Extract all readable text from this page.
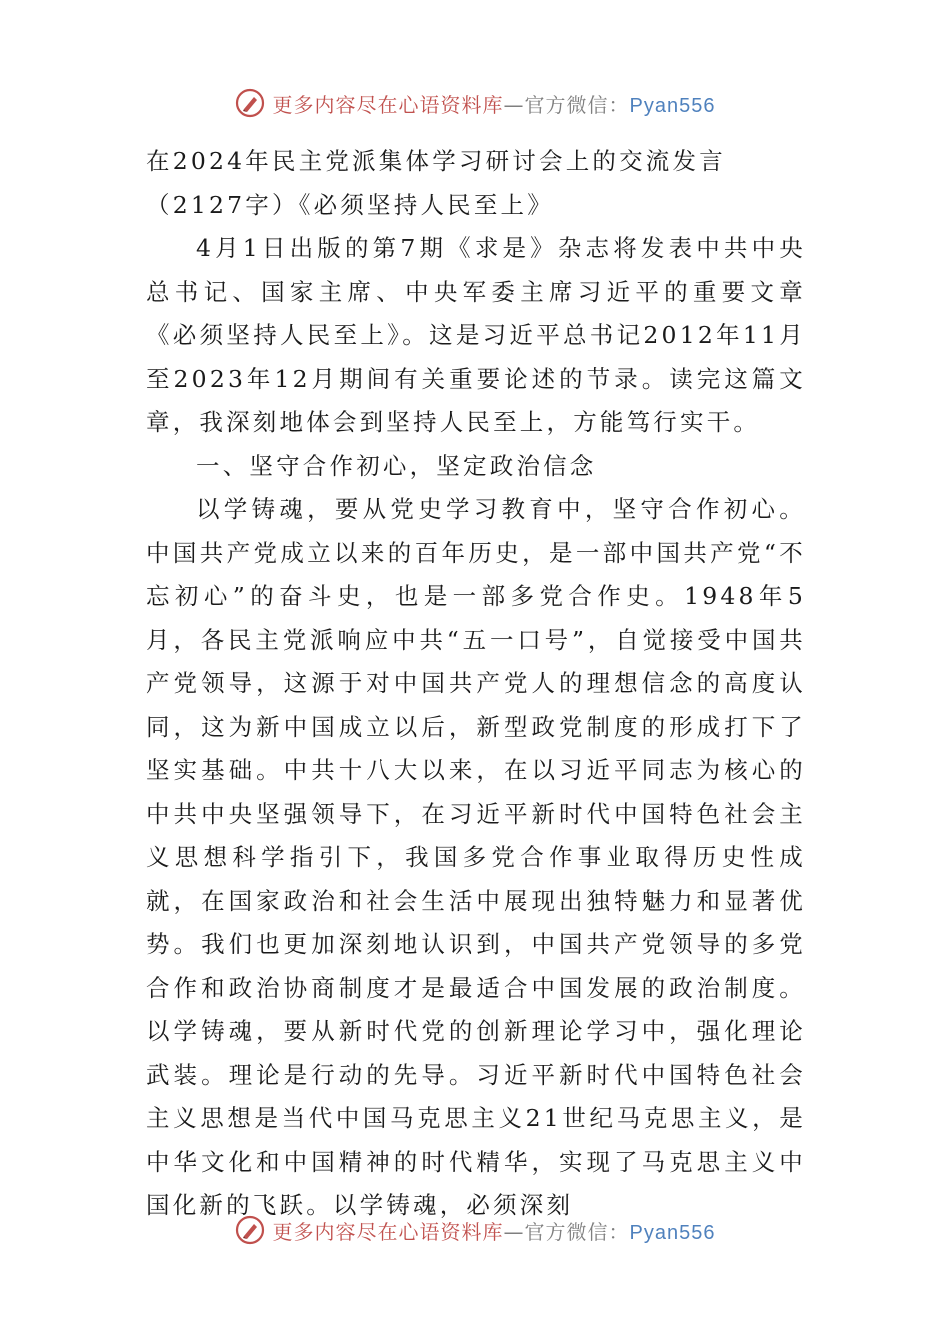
更多内容尽在心语资料库—官方微信：Pyan556

在2024年民主党派集体学习研讨会上的交流发言（2127字）《必须坚持人民至上》

4月1日出版的第7期《求是》杂志将发表中共中央总书记、国家主席、中央军委主席习近平的重要文章《必须坚持人民至上》。这是习近平总书记2012年11月至2023年12月期间有关重要论述的节录。读完这篇文章，我深刻地体会到坚持人民至上，方能笃行实干。

一、坚守合作初心，坚定政治信念

以学铸魂，要从党史学习教育中，坚守合作初心。中国共产党成立以来的百年历史，是一部中国共产党“不忘初心”的奋斗史，也是一部多党合作史。1948年5月，各民主党派响应中共“五一口号”，自觉接受中国共产党领导，这源于对中国共产党人的理想信念的高度认同，这为新中国成立以后，新型政党制度的形成打下了坚实基础。中共十八大以来，在以习近平同志为核心的中共中央坚强领导下，在习近平新时代中国特色社会主义思想科学指引下，我国多党合作事业取得历史性成就，在国家政治和社会生活中展现出独特魅力和显著优势。我们也更加深刻地认识到，中国共产党领导的多党合作和政治协商制度才是最适合中国发展的政治制度。以学铸魂，要从新时代党的创新理论学习中，强化理论武装。理论是行动的先导。习近平新时代中国特色社会主义思想是当代中国马克思主义21世纪马克思主义，是中华文化和中国精神的时代精华，实现了马克思主义中国化新的飞跃。以学铸魂，必须深刻

更多内容尽在心语资料库—官方微信：Pyan556
